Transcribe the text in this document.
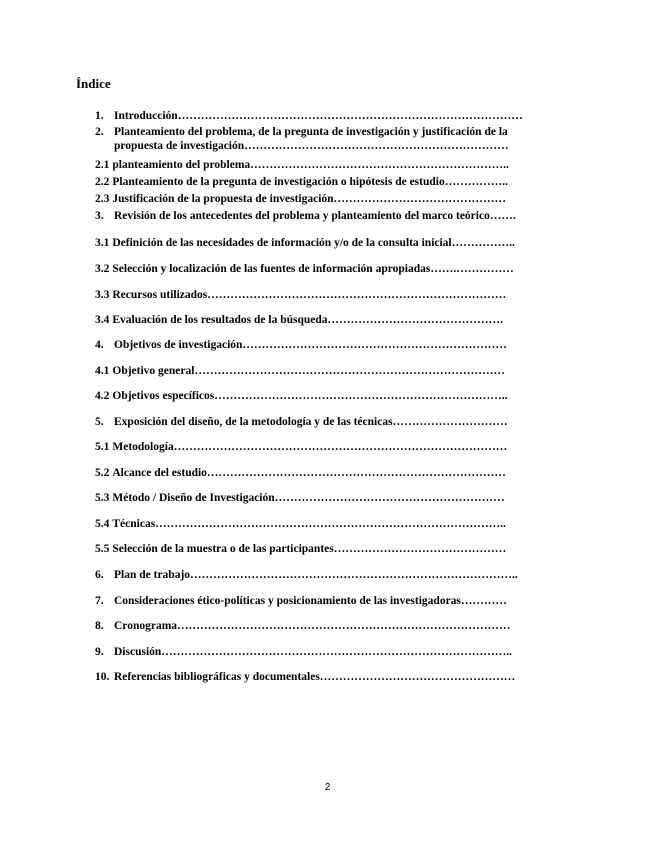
Índice
1. Introducción………………………………………………………………………………
2. Planteamiento del problema, de la pregunta de investigación y justificación de la
propuesta de investigación……………………………………………………………
2.1 planteamiento del problema…………………………………………………………..
2.2 Planteamiento de la pregunta de investigación o hipótesis de estudio……………..
2.3 Justificación de la propuesta de investigación………………………………………
3. Revisión de los antecedentes del problema y planteamiento del marco teórico…….
3.1 Definición de las necesidades de información y/o de la consulta inicial……………..
3.2 Selección y localización de las fuentes de información apropiadas…….……………
3.3 Recursos utilizados……………………………………………………………………
3.4 Evaluación de los resultados de la búsqueda……………………………………….
4. Objetivos de investigación……………………………………………………………
4.1 Objetivo general………………………………………………………………………
4.2 Objetivos específicos…………………………………………………………………..
5. Exposición del diseño, de la metodología y de las técnicas…………………………
5.1 Metodología……………………………………………………………………………
5.2 Alcance del estudio……………………………………………………………………
5.3 Método / Diseño de Investigación……………………………………………………
5.4 Técnicas………………………………………………………………………………..
5.5 Selección de la muestra o de las participantes………………………………………
6. Plan de trabajo…………………………………………………………………………..
7. Consideraciones ético-políticas y posicionamiento de las investigadoras…………
8. Cronograma……………………………………………………………………………
9. Discusión………………………………………………………………………………..
10. Referencias bibliográficas y documentales……………………………………………
2
